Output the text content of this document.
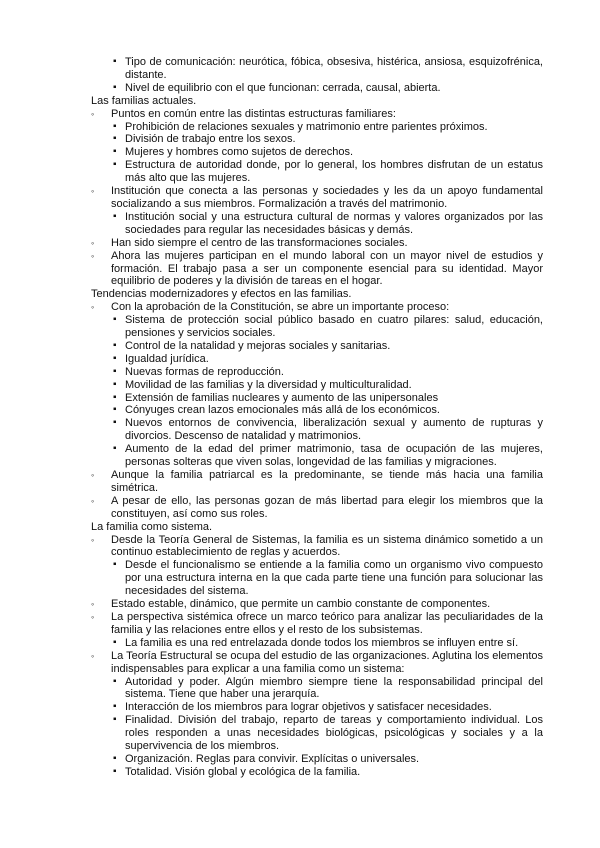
▪ Tipo de comunicación: neurótica, fóbica, obsesiva, histérica, ansiosa, esquizofrénica, distante.
▪ Nivel de equilibrio con el que funcionan: cerrada, causal, abierta.
Las familias actuales.
◦ Puntos en común entre las distintas estructuras familiares:
▪ Prohibición de relaciones sexuales y matrimonio entre parientes próximos.
▪ División de trabajo entre los sexos.
▪ Mujeres y hombres como sujetos de derechos.
▪ Estructura de autoridad donde, por lo general, los hombres disfrutan de un estatus más alto que las mujeres.
◦ Institución que conecta a las personas y sociedades y les da un apoyo fundamental socializando a sus miembros. Formalización a través del matrimonio.
▪ Institución social y una estructura cultural de normas y valores organizados por las sociedades para regular las necesidades básicas y demás.
◦ Han sido siempre el centro de las transformaciones sociales.
◦ Ahora las mujeres participan en el mundo laboral con un mayor nivel de estudios y formación. El trabajo pasa a ser un componente esencial para su identidad. Mayor equilibrio de poderes y la división de tareas en el hogar.
Tendencias modernizadores y efectos en las familias.
◦ Con la aprobación de la Constitución, se abre un importante proceso:
▪ Sistema de protección social público basado en cuatro pilares: salud, educación, pensiones y servicios sociales.
▪ Control de la natalidad y mejoras sociales y sanitarias.
▪ Igualdad jurídica.
▪ Nuevas formas de reproducción.
▪ Movilidad de las familias y la diversidad y multiculturalidad.
▪ Extensión de familias nucleares y aumento de las unipersonales
▪ Cónyuges crean lazos emocionales más allá de los económicos.
▪ Nuevos entornos de convivencia, liberalización sexual y aumento de rupturas y divorcios. Descenso de natalidad y matrimonios.
▪ Aumento de la edad del primer matrimonio, tasa de ocupación de las mujeres, personas solteras que viven solas, longevidad de las familias y migraciones.
◦ Aunque la familia patriarcal es la predominante, se tiende más hacia una familia simétrica.
◦ A pesar de ello, las personas gozan de más libertad para elegir los miembros que la constituyen, así como sus roles.
La familia como sistema.
◦ Desde la Teoría General de Sistemas, la familia es un sistema dinámico sometido a un continuo establecimiento de reglas y acuerdos.
▪ Desde el funcionalismo se entiende a la familia como un organismo vivo compuesto por una estructura interna en la que cada parte tiene una función para solucionar las necesidades del sistema.
◦ Estado estable, dinámico, que permite un cambio constante de componentes.
◦ La perspectiva sistémica ofrece un marco teórico para analizar las peculiaridades de la familia y las relaciones entre ellos y el resto de los subsistemas.
▪ La familia es una red entrelazada donde todos los miembros se influyen entre sí.
◦ La Teoría Estructural se ocupa del estudio de las organizaciones. Aglutina los elementos indispensables para explicar a una familia como un sistema:
▪ Autoridad y poder. Algún miembro siempre tiene la responsabilidad principal del sistema. Tiene que haber una jerarquía.
▪ Interacción de los miembros para lograr objetivos y satisfacer necesidades.
▪ Finalidad. División del trabajo, reparto de tareas y comportamiento individual. Los roles responden a unas necesidades biológicas, psicológicas y sociales y a la supervivencia de los miembros.
▪ Organización. Reglas para convivir. Explícitas o universales.
▪ Totalidad. Visión global y ecológica de la familia.
